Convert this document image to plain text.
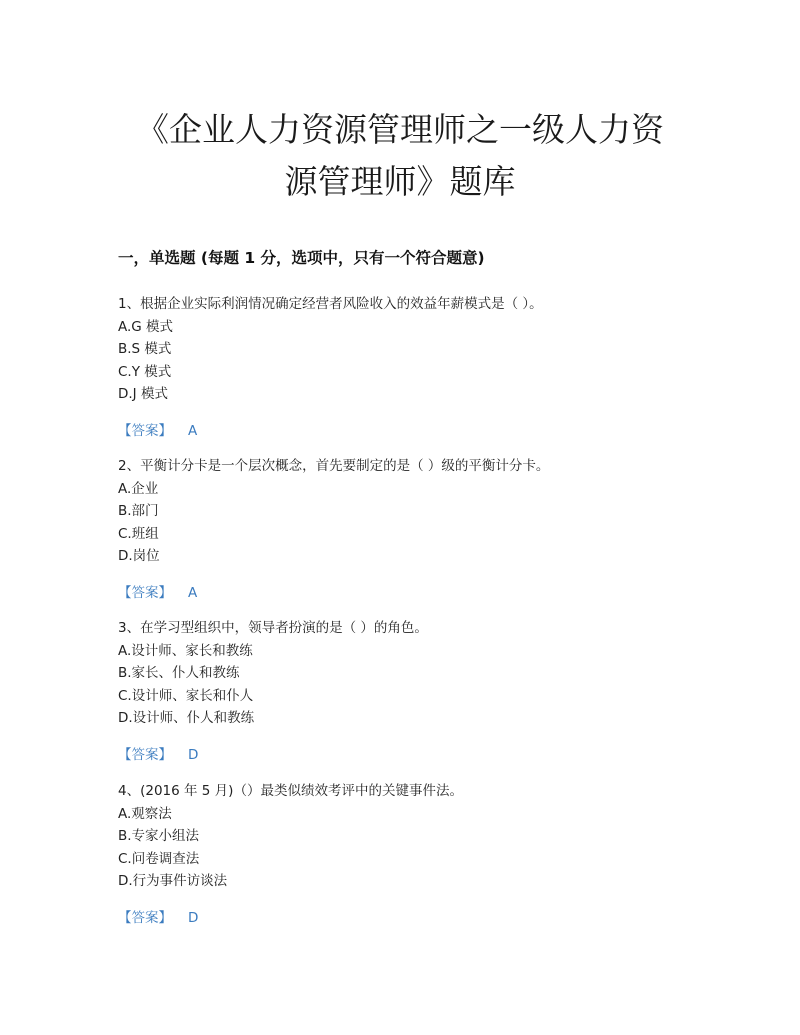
《企业人力资源管理师之一级人力资
源管理师》题库
一，单选题 (每题 1 分，选项中，只有一个符合题意)
1、根据企业实际利润情况确定经营者风险收入的效益年薪模式是（ ）。
A.G 模式
B.S 模式
C.Y 模式
D.J 模式
【答案】 A
2、平衡计分卡是一个层次概念，首先要制定的是（ ）级的平衡计分卡。
A.企业
B.部门
C.班组
D.岗位
【答案】 A
3、在学习型组织中，领导者扮演的是（ ）的角色。
A.设计师、家长和教练
B.家长、仆人和教练
C.设计师、家长和仆人
D.设计师、仆人和教练
【答案】 D
4、(2016 年 5 月)（）最类似绩效考评中的关键事件法。
A.观察法
B.专家小组法
C.问卷调查法
D.行为事件访谈法
【答案】 D
